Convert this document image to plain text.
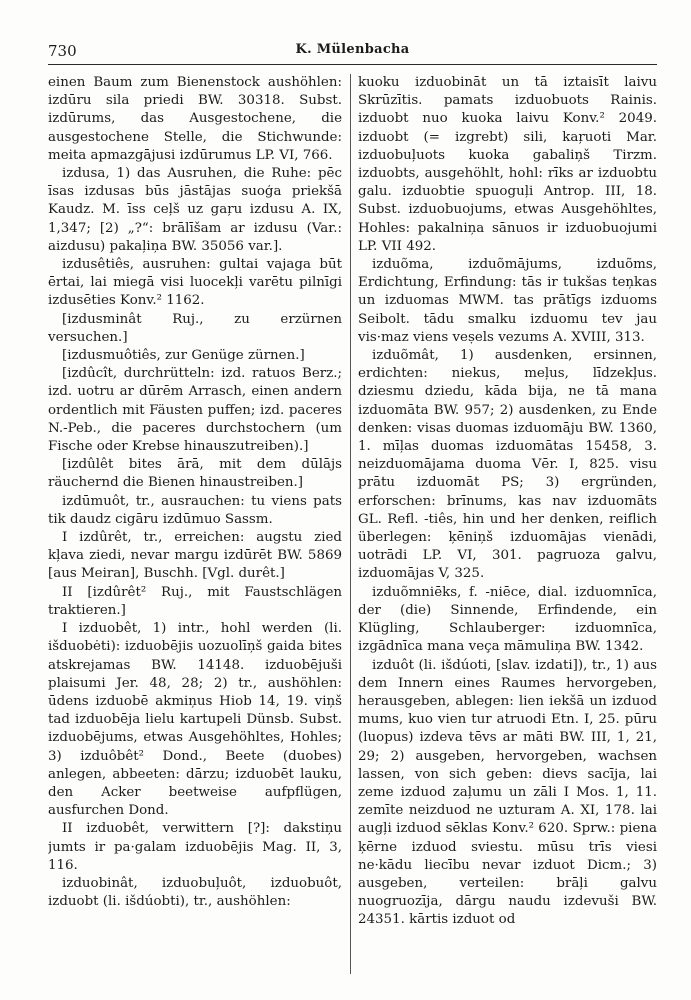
730	K. Mülenbacha

einen Baum zum Bienenstock aushöhlen: izdūru sila priedi BW. 30318. Subst. izdūrums, das Ausgestochene, die ausgestochene Stelle, die Stichwunde: meita apmazgājusi izdūrumus LP. VI, 766.

izdusa, 1) das Ausruhen, die Ruhe: pēc īsas izdusas būs jāstājas suoģa priekšā Kaudz. M. īss ceļš uz gaŗu izdusu A. IX, 1,347; [2) „?“: brālīšam ar izdusu (Var.: aizdusu) pakaļiņa BW. 35056 var.].

izdusêtiês, ausruhen: gultai vajaga būt ērtai, lai miegā visi luocekļi varētu pilnīgi izdusēties Konv.² 1162.

[izdusminât Ruj., zu erzürnen versuchen.]

[izdusmuôtiês, zur Genüge zürnen.]

[izdûcît, durchrütteln: izd. ratuos Berz.; izd. uotru ar dūrēm Arrasch, einen andern ordentlich mit Fäusten puffen; izd. paceres N.-Peb., die paceres durchstochern (um Fische oder Krebse hinauszutreiben).]

[izdûlêt bites ārā, mit dem dūlājs räuchernd die Bienen hinaustreiben.]

izdūmuôt, tr., ausrauchen: tu viens pats tik daudz cigāru izdūmuo Sassm.

I izdûrêt, tr., erreichen: augstu zied kļava ziedi, nevar margu izdūrēt BW. 5869 [aus Meiran], Buschh. [Vgl. durêt.]

II [izdûrêt² Ruj., mit Faustschlägen traktieren.]

I izduobêt, 1) intr., hohl werden (li. išduobėti): izduobējis uozuolīņš gaida bites atskrejamas BW. 14148. izduobējuši plaisumi Jer. 48, 28; 2) tr., aushöhlen: ūdens izduobē akmiņus Hiob 14, 19. viņš tad izduobēja lielu kartupeli Dünsb. Subst. izduobējums, etwas Ausgehöhltes, Hohles; 3) izduôbêt² Dond., Beete (duobes) anlegen, abbeeten: dārzu; izduobēt lauku, den Acker beetweise aufpflügen, ausfurchen Dond.

II izduobêt, verwittern [?]: dakstiņu jumts ir pa·galam izduobējis Mag. II, 3, 116.

izduobinât, izduobuļuôt, izduobuôt, izduobt (li. išdúobti), tr., aushöhlen:

kuoku izduobināt un tā iztaisīt laivu Skrūzītis. pamats izduobuots Rainis. izduobt nuo kuoka laivu Konv.² 2049. izduobt (= izgrebt) sili, kaŗuoti Mar. izduobuļuots kuoka gabaliņš Tirzm. izduobts, ausgehöhlt, hohl: rīks ar izduobtu galu. izduobtie spuoguļi Antrop. III, 18. Subst. izduobuojums, etwas Ausgehöhltes, Hohles: pakalniņa sānuos ir izduobuojumi LP. VII 492.

izduõma, izduõmājums, izduõms, Erdichtung, Erfindung: tās ir tukšas teņkas un izduomas MWM. tas prātīgs izduoms Seibolt. tādu smalku izduomu tev jau vis·maz viens veṣels vezums A. XVIII, 313.

izduõmât, 1) ausdenken, ersinnen, erdichten: niekus, meļus, līdzekļus. dziesmu dziedu, kāda bija, ne tā mana izduomāta BW. 957; 2) ausdenken, zu Ende denken: visas duomas izduomāju BW. 1360, 1. mīļas duomas izduomātas 15458, 3. neizduomājama duoma Vēr. I, 825. visu prātu izduomāt PS; 3) ergründen, erforschen: brīnums, kas nav izduomāts GL. Refl. -tiês, hin und her denken, reiflich überlegen: ķēniņš izduomājas vienādi, uotrādi LP. VI, 301. pagruoza galvu, izduomājas V, 325.

izduõmniēks, f. -niēce, dial. izduomnīca, der (die) Sinnende, Erfindende, ein Klügling, Schlauberger: izduomnīca, izgādnīca mana veça māmuliņa BW. 1342.

izduôt (li. išdúoti, [slav. izdati]), tr., 1) aus dem Innern eines Raumes hervorgeben, herausgeben, ablegen: lien iekšā un izduod mums, kuo vien tur atruodi Etn. I, 25. pūru (luopus) izdeva tēvs ar māti BW. III, 1, 21, 29; 2) ausgeben, hervorgeben, wachsen lassen, von sich geben: dievs sacīja, lai zeme izduod zaļumu un zāli I Mos. 1, 11. zemīte neizduod ne uzturam A. XI, 178. lai augļi izduod sēklas Konv.² 620. Sprw.: piena ķērne izduod sviestu. mūsu trīs viesi ne·kādu liecību nevar izduot Dicm.; 3) ausgeben, verteilen: brāļi galvu nuogruozīja, dārgu naudu izdevuši BW. 24351. kārtis izduot od
